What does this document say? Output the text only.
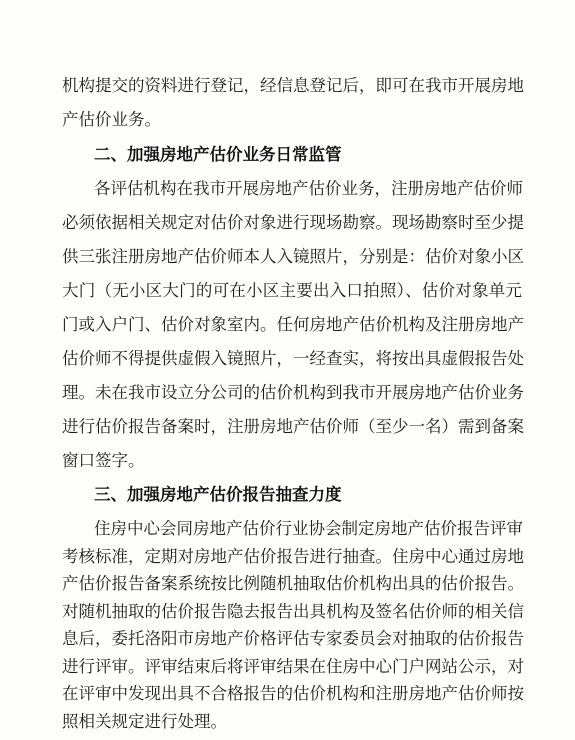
机构提交的资料进行登记，经信息登记后，即可在我市开展房地
产估价业务。
二、加强房地产估价业务日常监管
各评估机构在我市开展房地产估价业务，注册房地产估价师
必须依据相关规定对估价对象进行现场勘察。现场勘察时至少提
供三张注册房地产估价师本人入镜照片，分别是：估价对象小区
大门（无小区大门的可在小区主要出入口拍照）、估价对象单元
门或入户门、估价对象室内。任何房地产估价机构及注册房地产
估价师不得提供虚假入镜照片，一经查实，将按出具虚假报告处
理。未在我市设立分公司的估价机构到我市开展房地产估价业务
进行估价报告备案时，注册房地产估价师（至少一名）需到备案
窗口签字。
三、加强房地产估价报告抽查力度
住房中心会同房地产估价行业协会制定房地产估价报告评审
考核标准，定期对房地产估价报告进行抽查。住房中心通过房地
产估价报告备案系统按比例随机抽取估价机构出具的估价报告。
对随机抽取的估价报告隐去报告出具机构及签名估价师的相关信
息后，委托洛阳市房地产价格评估专家委员会对抽取的估价报告
进行评审。评审结束后将评审结果在住房中心门户网站公示，对
在评审中发现出具不合格报告的估价机构和注册房地产估价师按
照相关规定进行处理。
